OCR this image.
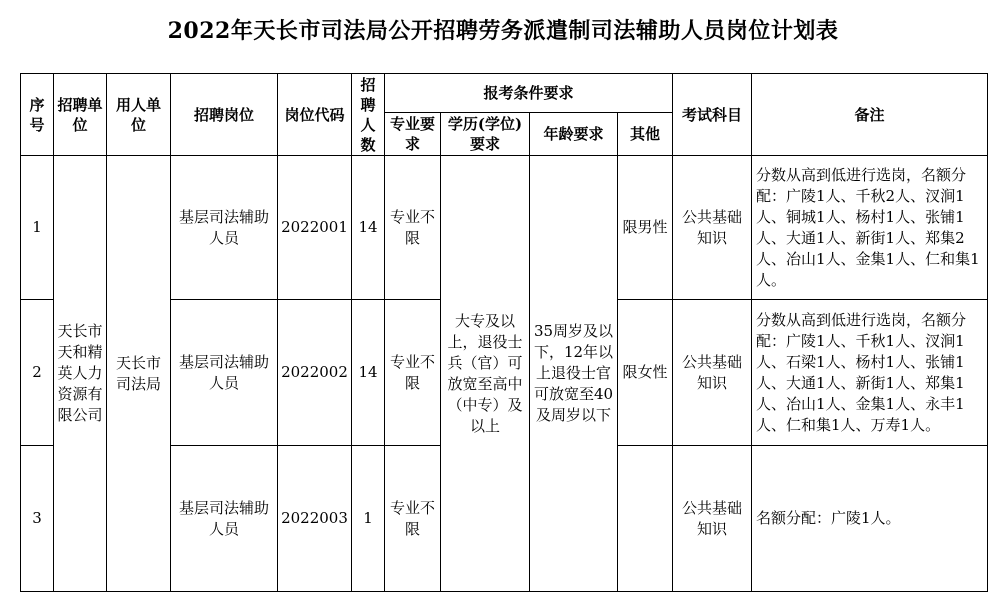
2022年天长市司法局公开招聘劳务派遣制司法辅助人员岗位计划表
序号	招聘单位	用人单位	招聘岗位	岗位代码	招聘人数	报考条件要求				考试科目	备注
						专业要求	学历(学位)要求	年龄要求	其他		
1	天长市天和精英人力资源有限公司	天长市司法局	基层司法辅助人员	2022001	14	专业不限	大专及以上，退役士兵（官）可放宽至高中（中专）及以上	35周岁及以下，12年以上退役士官可放宽至40及周岁以下	限男性	公共基础知识	分数从高到低进行选岗，名额分配：广陵1人、千秋2人、汊涧1人、铜城1人、杨村1人、张铺1人、大通1人、新街1人、郑集2人、冶山1人、金集1人、仁和集1人。
2			基层司法辅助人员	2022002	14	专业不限			限女性	公共基础知识	分数从高到低进行选岗，名额分配：广陵1人、千秋1人、汊涧1人、石梁1人、杨村1人、张铺1人、大通1人、新街1人、郑集1人、冶山1人、金集1人、永丰1人、仁和集1人、万寿1人。
3			基层司法辅助人员	2022003	1	专业不限				公共基础知识	名额分配：广陵1人。
